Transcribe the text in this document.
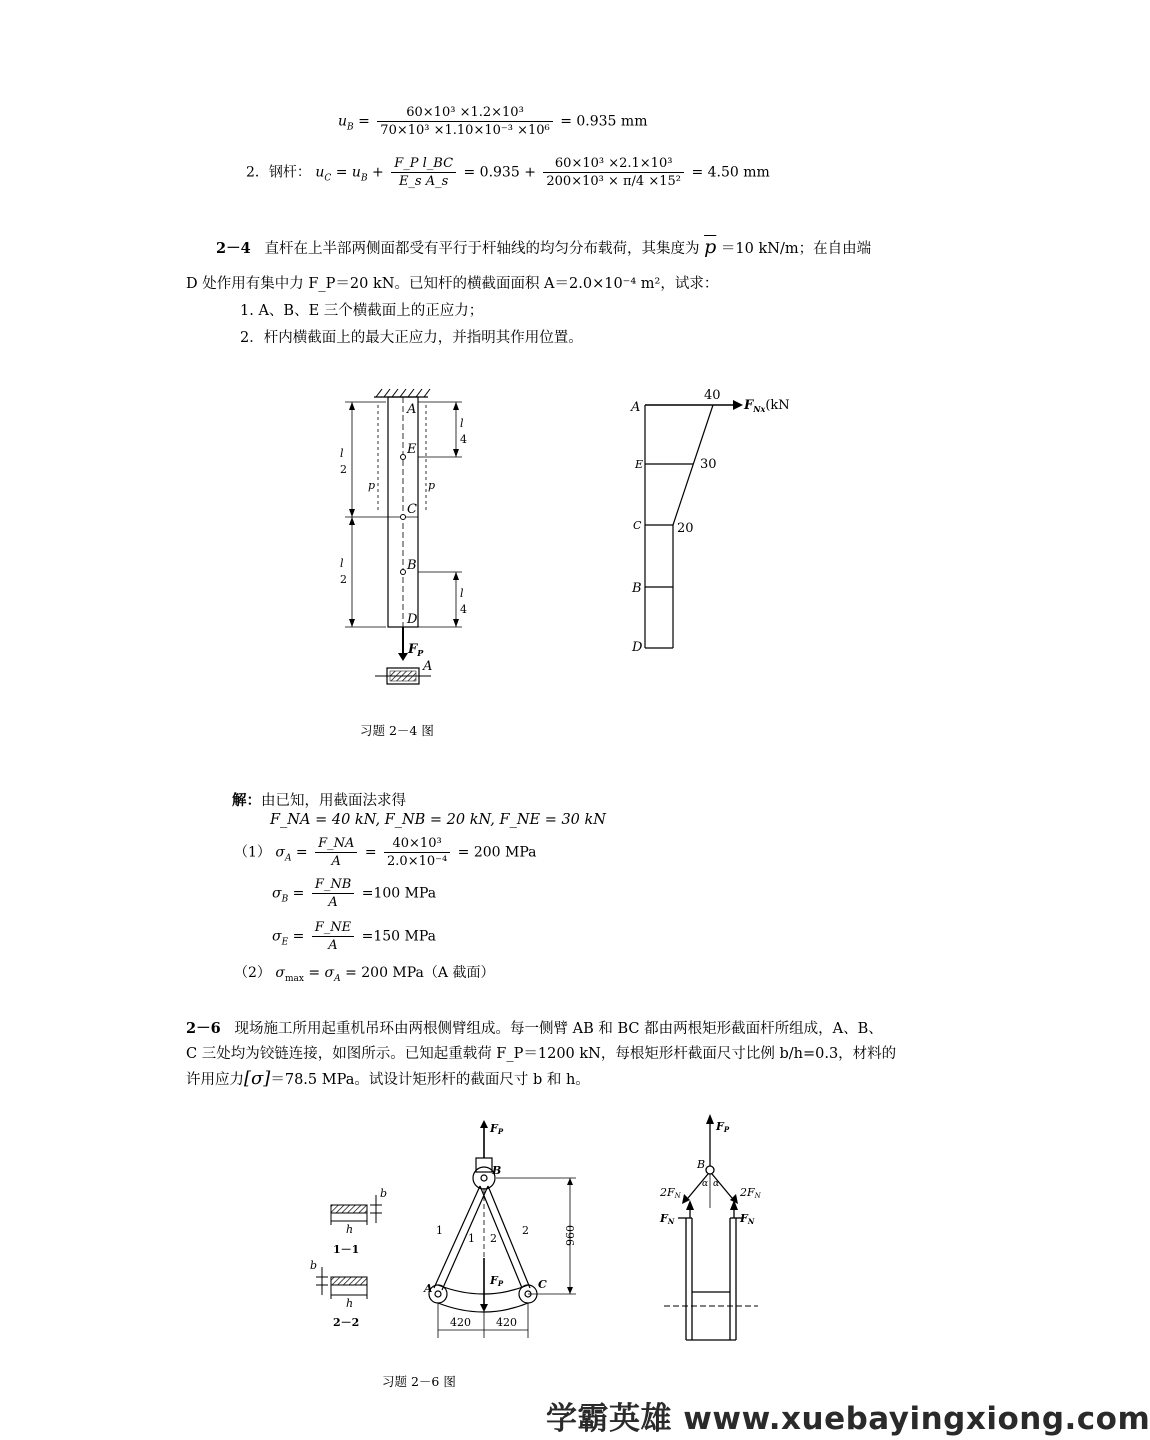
$u_B = \frac{\text{60×10³ ×1.2×10³}}{\text{70×10³ ×1.10×10⁻³ ×10⁶}} = 0.935$ mm
2．钢杆： $u_C = u_B + \frac{\text{F\_P l\_BC}}{\text{E\_s A\_s}} = 0.935 + \frac{\text{60×10³ ×2.1×10³}}{\text{200×10³ × π/4 ×15²}} = 4.50$ mm
2－4 直杆在上半部两侧面都受有平行于杆轴线的均匀分布载荷，其集度为 $\overline{p} =10$ kN/m；在自由端
D 处作用有集中力 F_P＝20 kN。已知杆的横截面面积 A＝2.0×10⁻⁴ m²，试求：
1. A、B、E 三个横截面上的正应力；
2．杆内横截面上的最大正应力，并指明其作用位置。
A
E
C
B
D
l
2
l
2
l
4
l
4
p	p
$F_P$
A
$F_{Nx}(kN$
40
30
20
A
E
C
B
D
习题 2－4 图
解：由已知，用截面法求得
F_NA = 40 kN, F_NB = 20 kN, F_NE = 30 kN
（1） $\sigma_A = \frac{F\_NA}{A} = \frac{\text{40×10³}}{\text{2.0×10⁻⁴}} = 200$ MPa
$\sigma_B = \frac{F\_NB}{A} =100$ MPa
$\sigma_E = \frac{F\_NE}{A} =150$ MPa
（2） $\sigma_{max} = \sigma_A = 200$ MPa（A 截面）
2－6 现场施工所用起重机吊环由两根侧臂组成。每一侧臂 AB 和 BC 都由两根矩形截面杆所组成，A、B、
C 三处均为铰链连接，如图所示。已知起重载荷 F_P＝1200 kN，每根矩形杆截面尺寸比例 b/h=0.3，材料的
许用应力[σ]＝78.5 MPa。试设计矩形杆的截面尺寸 b 和 h。
h
b
1－1
h
b
2－2
FP
B
A	C
1
1 2
2
FP
960
420 420
FP
B
2FN	2FN
α α
FN	FN
习题 2－6 图
学霸英雄 www.xuebayingxiong.com
